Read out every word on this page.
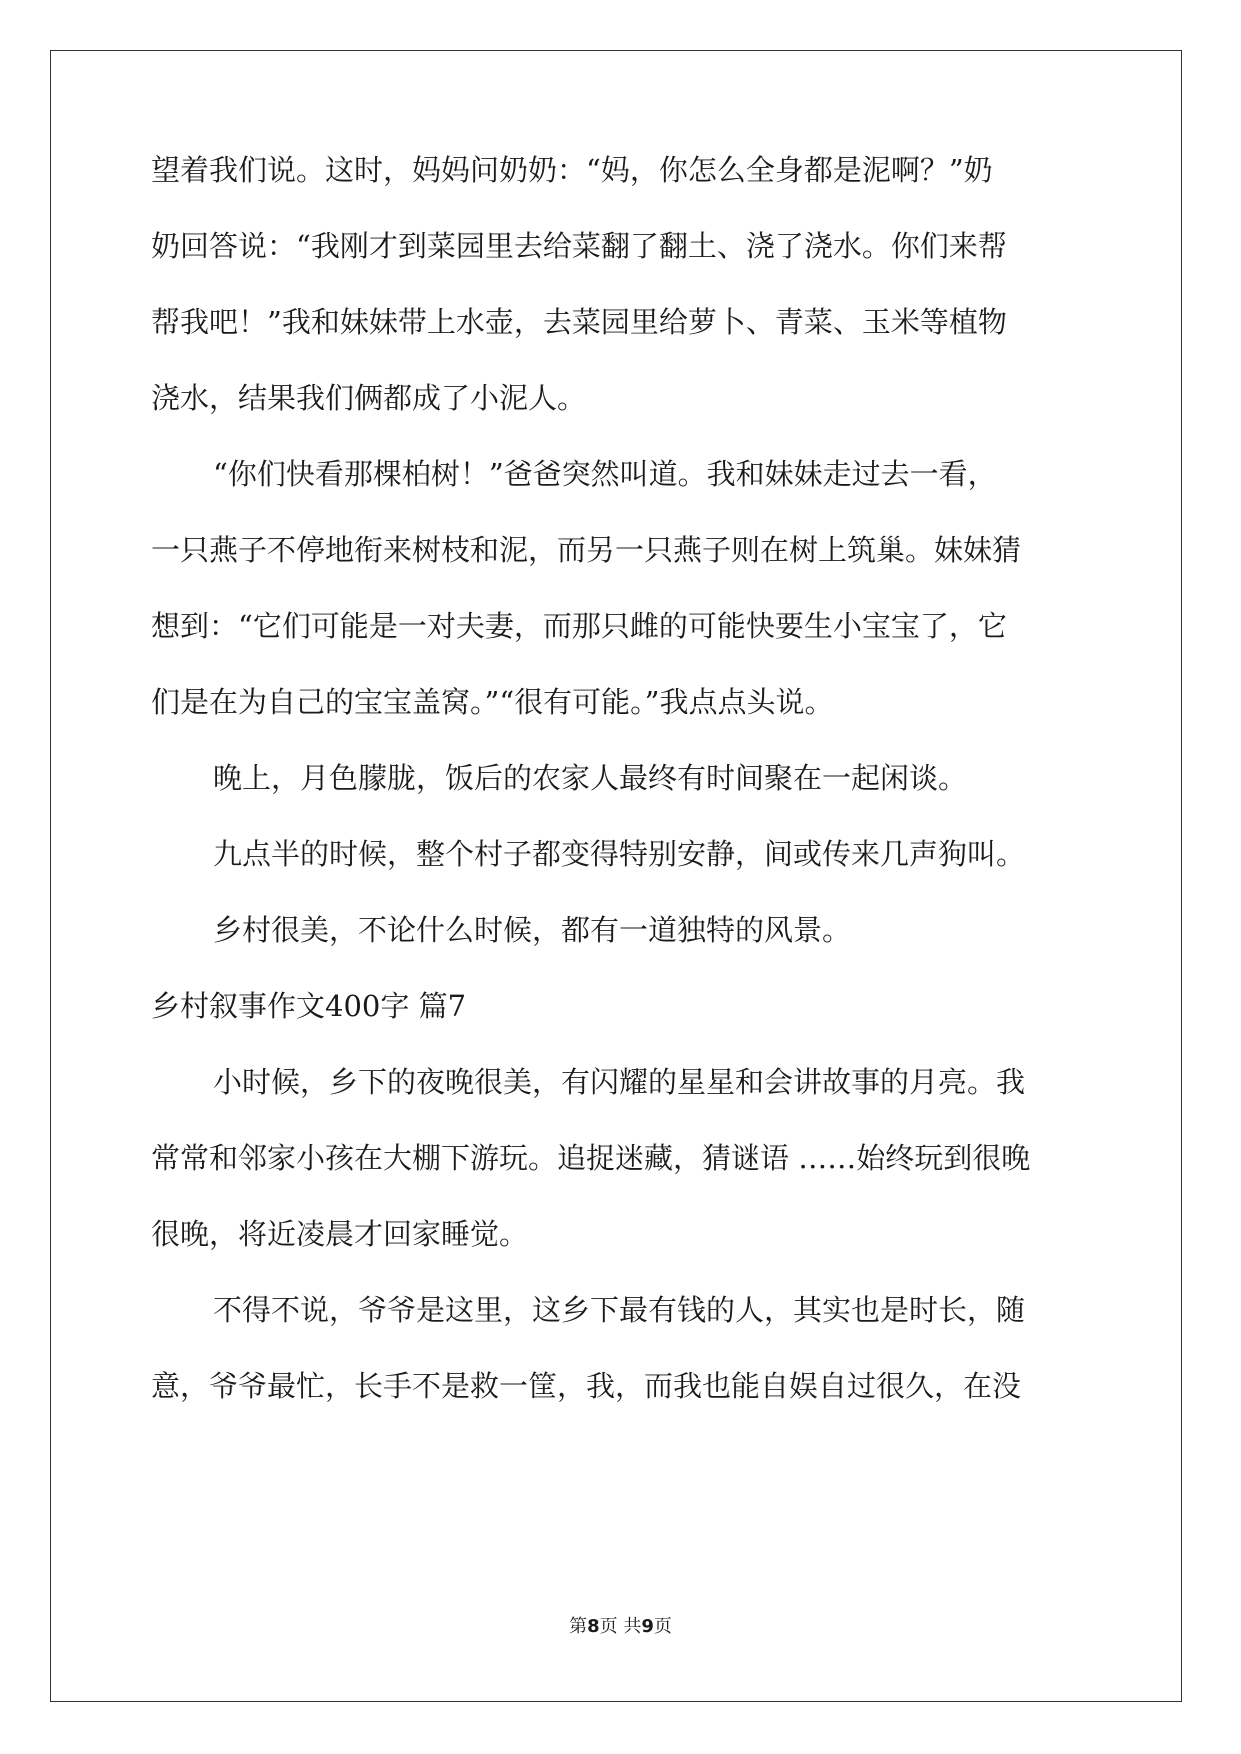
望着我们说。这时，妈妈问奶奶：“妈，你怎么全身都是泥啊？”奶
奶回答说：“我刚才到菜园里去给菜翻了翻土、浇了浇水。你们来帮
帮我吧！”我和妹妹带上水壶，去菜园里给萝卜、青菜、玉米等植物
浇水，结果我们俩都成了小泥人。
“你们快看那棵柏树！”爸爸突然叫道。我和妹妹走过去一看，
一只燕子不停地衔来树枝和泥，而另一只燕子则在树上筑巢。妹妹猜
想到：“它们可能是一对夫妻，而那只雌的可能快要生小宝宝了，它
们是在为自己的宝宝盖窝。”“很有可能。”我点点头说。
晚上，月色朦胧，饭后的农家人最终有时间聚在一起闲谈。
九点半的时候，整个村子都变得特别安静，间或传来几声狗叫。
乡村很美，不论什么时候，都有一道独特的风景。
乡村叙事作文400字 篇7
小时候，乡下的夜晚很美，有闪耀的星星和会讲故事的月亮。我
常常和邻家小孩在大棚下游玩。追捉迷藏，猜谜语 ……始终玩到很晚
很晚，将近凌晨才回家睡觉。
不得不说，爷爷是这里，这乡下最有钱的人，其实也是时长，随
意，爷爷最忙，长手不是救一筐，我，而我也能自娱自过很久，在没
第8页 共9页
